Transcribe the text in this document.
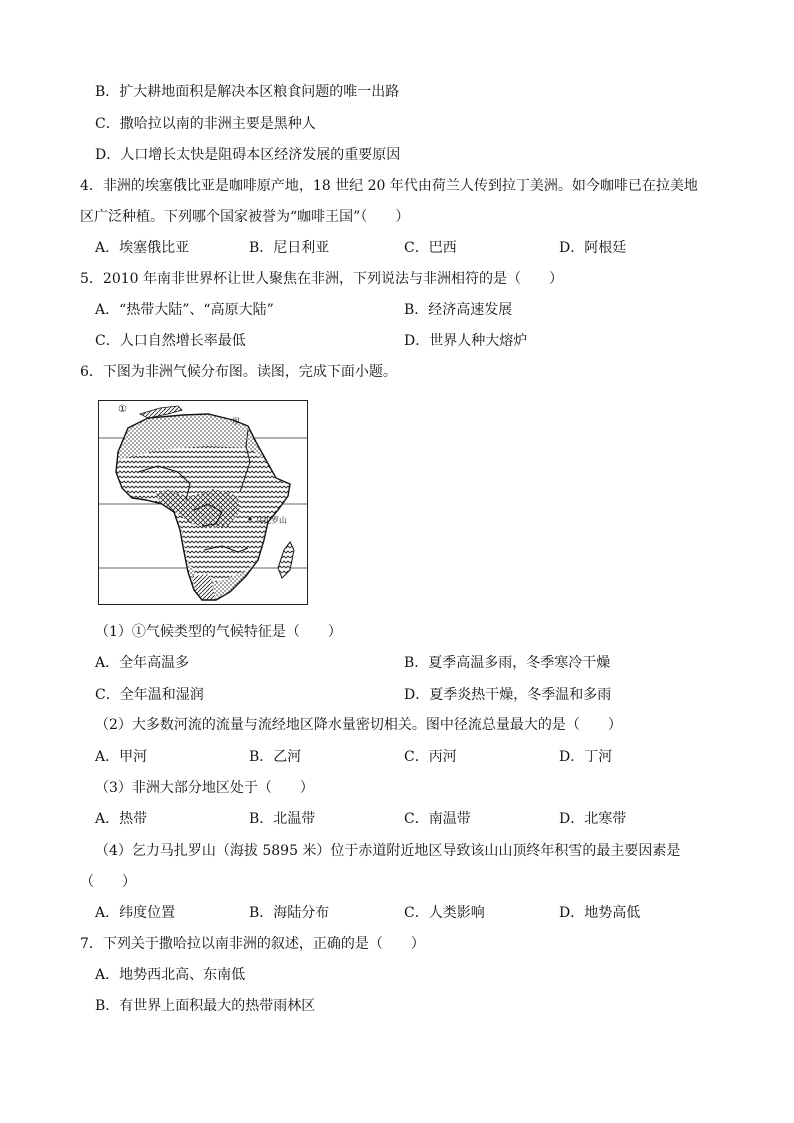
B．扩大耕地面积是解决本区粮食问题的唯一出路
C．撒哈拉以南的非洲主要是黑种人
D．人口增长太快是阻碍本区经济发展的重要原因
4．非洲的埃塞俄比亚是咖啡原产地，18 世纪 20 年代由荷兰人传到拉丁美洲。如今咖啡已在拉美地
区广泛种植。下列哪个国家被誉为“咖啡王国”（　　）
A．埃塞俄比亚	B．尼日利亚	C．巴西	D．阿根廷
5．2010 年南非世界杯让世人聚焦在非洲，下列说法与非洲相符的是（　　）
A．“热带大陆”、“高原大陆”	B．经济高速发展
C．人口自然增长率最低	D．世界人种大熔炉
6．下图为非洲气候分布图。读图，完成下面小题。
①
甲
马扎罗山
（1）①气候类型的气候特征是（　　）
A．全年高温多	B．夏季高温多雨，冬季寒冷干燥
C．全年温和湿润	D．夏季炎热干燥，冬季温和多雨
（2）大多数河流的流量与流经地区降水量密切相关。图中径流总量最大的是（　　）
A．甲河	B．乙河	C．丙河	D．丁河
（3）非洲大部分地区处于（　　）
A．热带	B．北温带	C．南温带	D．北寒带
（4）乞力马扎罗山（海拔 5895 米）位于赤道附近地区导致该山山顶终年积雪的最主要因素是
（　　）
A．纬度位置	B．海陆分布	C．人类影响	D．地势高低
7．下列关于撒哈拉以南非洲的叙述，正确的是（　　）
A．地势西北高、东南低
B．有世界上面积最大的热带雨林区
